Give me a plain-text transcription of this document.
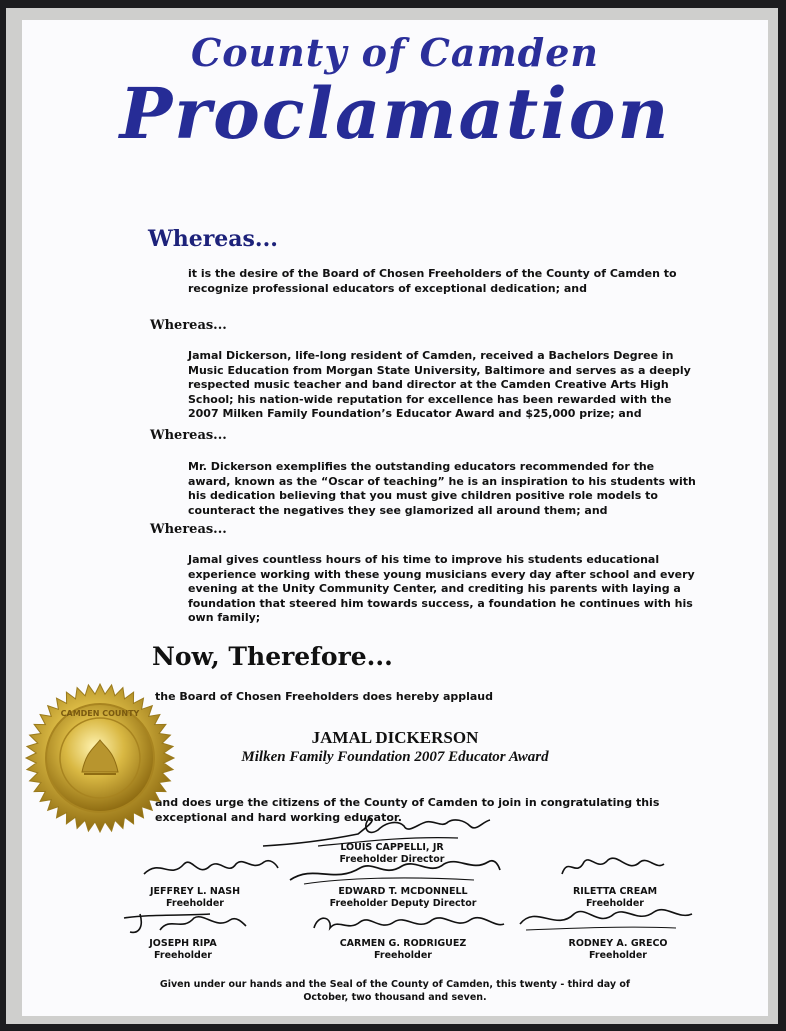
County of Camden
Proclamation
Whereas...
it is the desire of the Board of Chosen Freeholders of the County of Camden to
recognize professional educators of exceptional dedication; and
Whereas...
Jamal Dickerson, life-long resident of Camden, received a Bachelors Degree in
Music Education from Morgan State University, Baltimore and serves as a deeply
respected music teacher and band director at the Camden Creative Arts High
School; his nation-wide reputation for excellence has been rewarded with the
2007 Milken Family Foundation’s Educator Award and $25,000 prize; and
Whereas...
Mr. Dickerson exemplifies the outstanding educators recommended for the
award, known as the “Oscar of teaching” he is an inspiration to his students with
his dedication believing that you must give children positive role models to
counteract the negatives they see glamorized all around them; and
Whereas...
Jamal gives countless hours of his time to improve his students educational
experience working with these young musicians every day after school and every
evening at the Unity Community Center, and crediting his parents with laying a
foundation that steered him towards success, a foundation he continues with his
own family;
Now, Therefore...
the Board of Chosen Freeholders does hereby applaud
JAMAL DICKERSON
Milken Family Foundation 2007 Educator Award
and does urge the citizens of the County of Camden to join in congratulating this
exceptional and hard working educator.
LOUIS CAPPELLI, JR
Freeholder Director
JEFFREY L. NASH
Freeholder
EDWARD T. MCDONNELL
Freeholder Deputy Director
RILETTA CREAM
Freeholder
JOSEPH RIPA
Freeholder
CARMEN G. RODRIGUEZ
Freeholder
RODNEY A. GRECO
Freeholder
Given under our hands and the Seal of the County of Camden, this twenty - third day of
October, two thousand and seven.
CAMDEN COUNTY
